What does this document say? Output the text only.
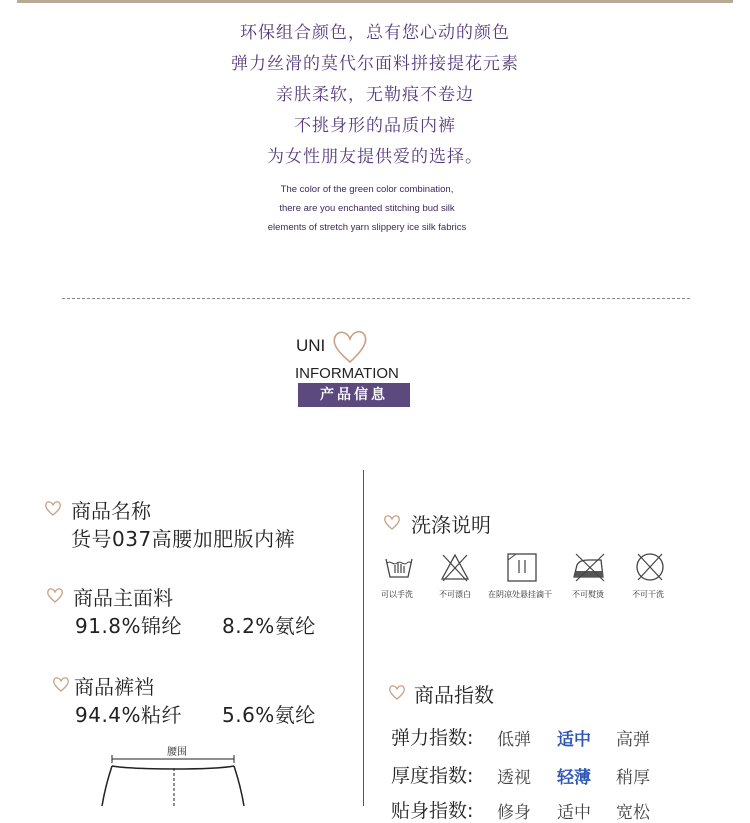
环保组合颜色，总有您心动的颜色
弹力丝滑的莫代尔面料拼接提花元素
亲肤柔软，无勒痕不卷边
不挑身形的品质内裤
为女性朋友提供爱的选择。
The color of the green color combination,
there are you enchanted stitching bud silk
elements of stretch yarn slippery ice silk fabrics
UNI
INFORMATION
产品信息
商品名称
货号037高腰加肥版内裤
商品主面料
91.8%锦纶 8.2%氨纶
商品裤裆
94.4%粘纤 5.6%氨纶
腰围
洗涤说明
可以手洗	不可漂白 在阴凉处悬挂滴干	不可熨烫	不可干洗
商品指数
弹力指数: 低弹 适中 高弹
厚度指数: 透视 轻薄 稍厚
贴身指数: 修身 适中 宽松
